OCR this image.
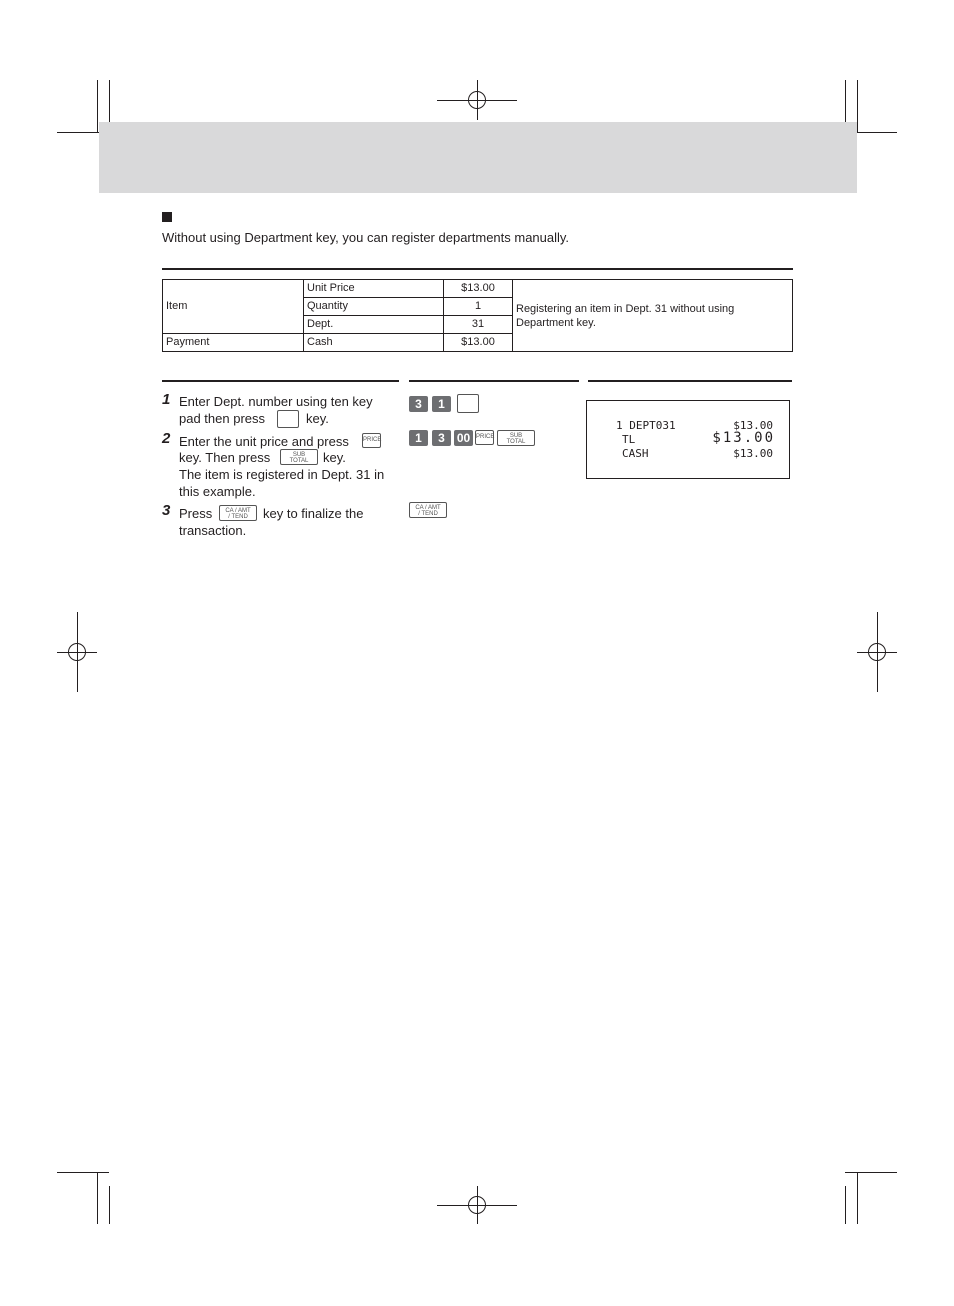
Without using Department key, you can register departments manually.
Item	Unit Price	$13.00	Registering an item in Dept. 31 without using Department key.
	Quantity	1	
	Dept.	31	
Payment	Cash	$13.00	
1 Enter Dept. number using ten key
pad then press	key.
2 Enter the unit price and press PRICE
key. Then press	SUB
TOTAL	key.
The item is registered in Dept. 31 in
this example.
3 Press	CA / AMT
/ TEND	key to finalize the
transaction.
3	1
1	3 00 PRICE	SUB
TOTAL
CA / AMT
/ TEND
1 DEPT031	$13.00
TL	$13.00
CASH	$13.00
